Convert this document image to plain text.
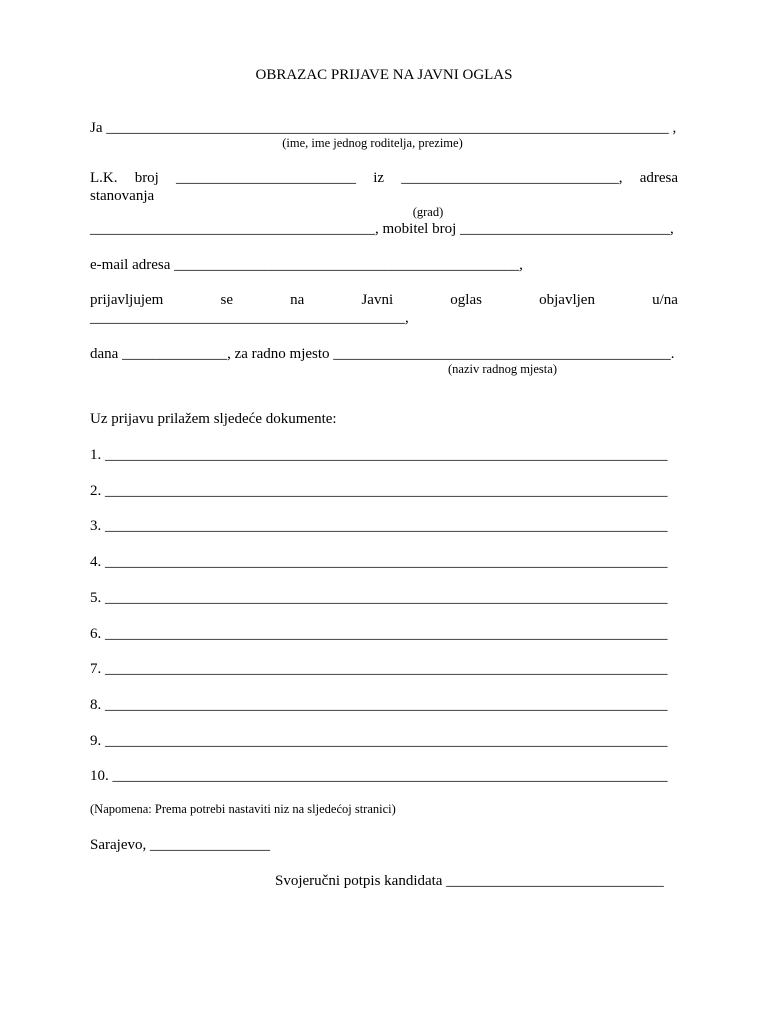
OBRAZAC PRIJAVE NA JAVNI OGLAS
Ja ___________________________________________________________________________ ,
(ime, ime jednog roditelja, prezime)
L.K. broj ________________________ iz _____________________________, adresa
stanovanja
(grad)
______________________________________, mobitel broj ____________________________,
e-mail adresa ______________________________________________,
prijavljujem	se	na	Javni	oglas	objavljen	u/na
__________________________________________,
dana ______________, za radno mjesto _____________________________________________.
(naziv radnog mjesta)
Uz prijavu prilažem sljedeće dokumente:
1. ___________________________________________________________________________
2. ___________________________________________________________________________
3. ___________________________________________________________________________
4. ___________________________________________________________________________
5. ___________________________________________________________________________
6. ___________________________________________________________________________
7. ___________________________________________________________________________
8. ___________________________________________________________________________
9. ___________________________________________________________________________
10. __________________________________________________________________________
(Napomena: Prema potrebi nastaviti niz na sljedećoj stranici)
Sarajevo, ________________
Svojeručni potpis kandidata _____________________________
